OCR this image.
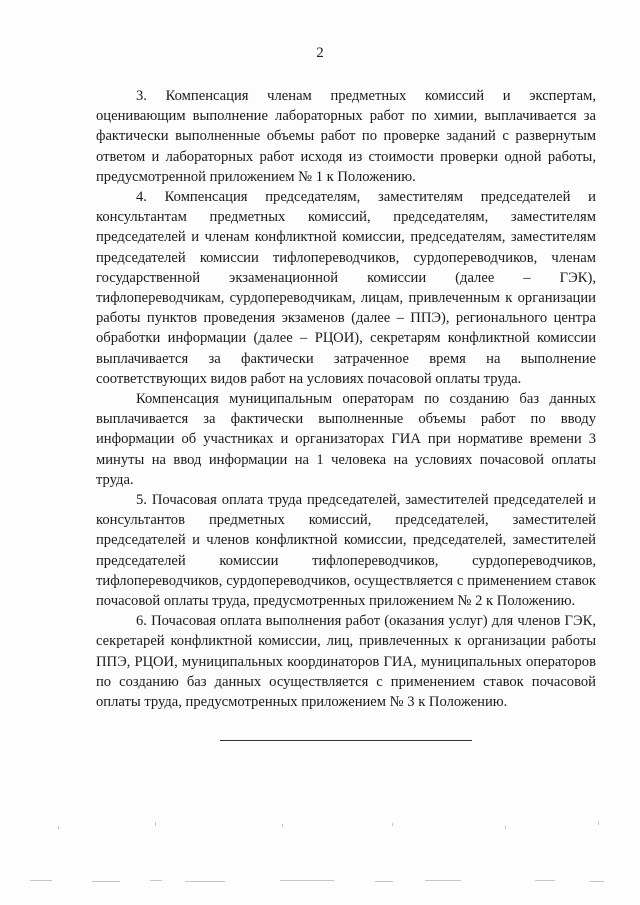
2

3. Компенсация членам предметных комиссий и экспертам, оценивающим выполнение лабораторных работ по химии, выплачивается за фактически выполненные объемы работ по проверке заданий с развернутым ответом и лабораторных работ исходя из стоимости проверки одной работы, предусмотренной приложением № 1 к Положению.

4. Компенсация председателям, заместителям председателей и консультантам предметных комиссий, председателям, заместителям председателей и членам конфликтной комиссии, председателям, заместителям председателей комиссии тифлопереводчиков, сурдопереводчиков, членам государственной экзаменационной комиссии (далее – ГЭК), тифлопереводчикам, сурдопереводчикам, лицам, привлеченным к организации работы пунктов проведения экзаменов (далее – ППЭ), регионального центра обработки информации (далее – РЦОИ), секретарям конфликтной комиссии выплачивается за фактически затраченное время на выполнение соответствующих видов работ на условиях почасовой оплаты труда.

Компенсация муниципальным операторам по созданию баз данных выплачивается за фактически выполненные объемы работ по вводу информации об участниках и организаторах ГИА при нормативе времени 3 минуты на ввод информации на 1 человека на условиях почасовой оплаты труда.

5. Почасовая оплата труда председателей, заместителей председателей и консультантов предметных комиссий, председателей, заместителей председателей и членов конфликтной комиссии, председателей, заместителей председателей комиссии тифлопереводчиков, сурдопереводчиков, тифлопереводчиков, сурдопереводчиков, осуществляется с применением ставок почасовой оплаты труда, предусмотренных приложением № 2 к Положению.

6. Почасовая оплата выполнения работ (оказания услуг) для членов ГЭК, секретарей конфликтной комиссии, лиц, привлеченных к организации работы ППЭ, РЦОИ, муниципальных координаторов ГИА, муниципальных операторов по созданию баз данных осуществляется с применением ставок почасовой оплаты труда, предусмотренных приложением № 3 к Положению.
